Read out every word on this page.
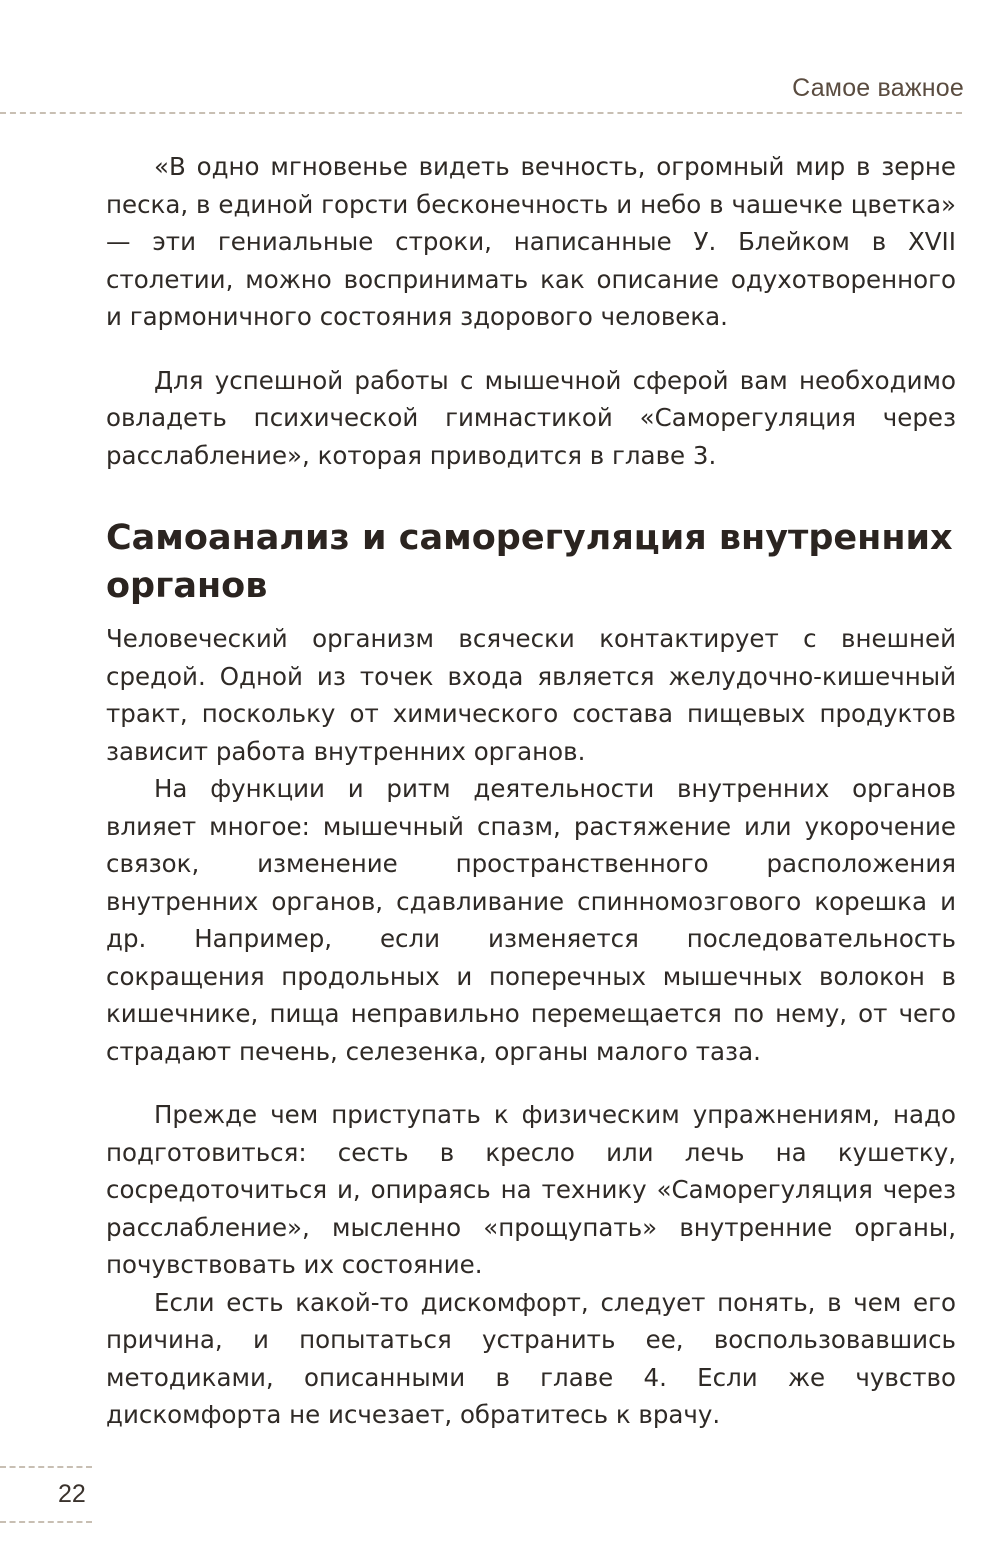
Самое важное

«В одно мгновенье видеть вечность, огромный мир в зерне песка, в единой горсти бесконечность и небо в чашечке цветка» — эти гениальные строки, написанные У. Блейком в XVII столетии, можно воспринимать как описание одухотворенного и гармоничного состояния здорового человека.

Для успешной работы с мышечной сферой вам необходимо овладеть психической гимнастикой «Саморегуляция через расслабление», которая приводится в главе 3.

Самоанализ и саморегуляция внутренних органов

Человеческий организм всячески контактирует с внешней средой. Одной из точек входа является желудочно-кишечный тракт, поскольку от химического состава пищевых продуктов зависит работа внутренних органов.

На функции и ритм деятельности внутренних органов влияет многое: мышечный спазм, растяжение или укорочение связок, изменение пространственного расположения внутренних органов, сдавливание спинномозгового корешка и др. Например, если изменяется последовательность сокращения продольных и поперечных мышечных волокон в кишечнике, пища неправильно перемещается по нему, от чего страдают печень, селезенка, органы малого таза.

Прежде чем приступать к физическим упражнениям, надо подготовиться: сесть в кресло или лечь на кушетку, сосредоточиться и, опираясь на технику «Саморегуляция через расслабление», мысленно «прощупать» внутренние органы, почувствовать их состояние.

Если есть какой-то дискомфорт, следует понять, в чем его причина, и попытаться устранить ее, воспользовавшись методиками, описанными в главе 4. Если же чувство дискомфорта не исчезает, обратитесь к врачу.

22
